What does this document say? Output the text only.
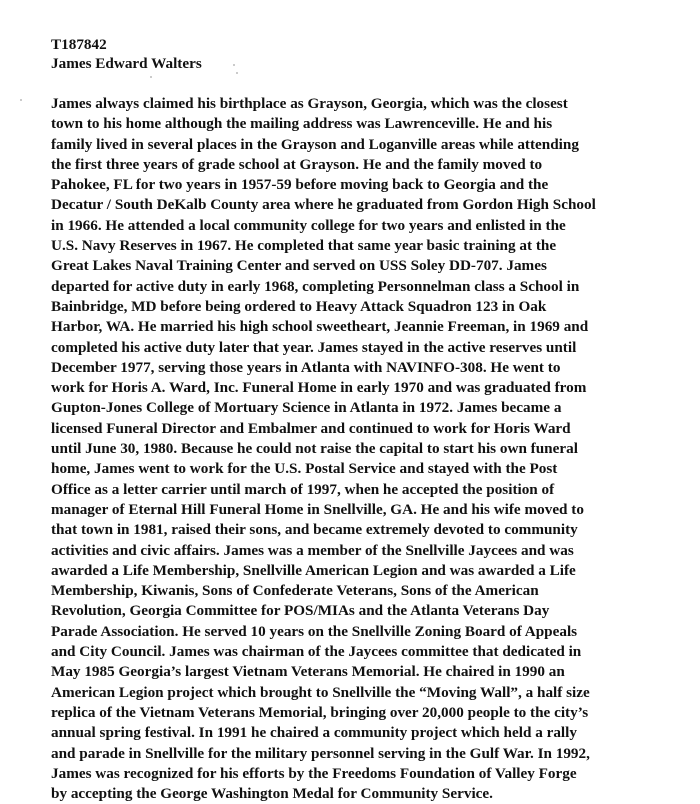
T187842
James Edward Walters
James always claimed his birthplace as Grayson, Georgia, which was the closest
town to his home although the mailing address was Lawrenceville. He and his
family lived in several places in the Grayson and Loganville areas while attending
the first three years of grade school at Grayson. He and the family moved to
Pahokee, FL for two years in 1957-59 before moving back to Georgia and the
Decatur / South DeKalb County area where he graduated from Gordon High School
in 1966. He attended a local community college for two years and enlisted in the
U.S. Navy Reserves in 1967. He completed that same year basic training at the
Great Lakes Naval Training Center and served on USS Soley DD-707. James
departed for active duty in early 1968, completing Personnelman class a School in
Bainbridge, MD before being ordered to Heavy Attack Squadron 123 in Oak
Harbor, WA. He married his high school sweetheart, Jeannie Freeman, in 1969 and
completed his active duty later that year. James stayed in the active reserves until
December 1977, serving those years in Atlanta with NAVINFO-308. He went to
work for Horis A. Ward, Inc. Funeral Home in early 1970 and was graduated from
Gupton-Jones College of Mortuary Science in Atlanta in 1972. James became a
licensed Funeral Director and Embalmer and continued to work for Horis Ward
until June 30, 1980. Because he could not raise the capital to start his own funeral
home, James went to work for the U.S. Postal Service and stayed with the Post
Office as a letter carrier until march of 1997, when he accepted the position of
manager of Eternal Hill Funeral Home in Snellville, GA. He and his wife moved to
that town in 1981, raised their sons, and became extremely devoted to community
activities and civic affairs. James was a member of the Snellville Jaycees and was
awarded a Life Membership, Snellville American Legion and was awarded a Life
Membership, Kiwanis, Sons of Confederate Veterans, Sons of the American
Revolution, Georgia Committee for POS/MIAs and the Atlanta Veterans Day
Parade Association. He served 10 years on the Snellville Zoning Board of Appeals
and City Council. James was chairman of the Jaycees committee that dedicated in
May 1985 Georgia’s largest Vietnam Veterans Memorial. He chaired in 1990 an
American Legion project which brought to Snellville the “Moving Wall”, a half size
replica of the Vietnam Veterans Memorial, bringing over 20,000 people to the city’s
annual spring festival. In 1991 he chaired a community project which held a rally
and parade in Snellville for the military personnel serving in the Gulf War. In 1992,
James was recognized for his efforts by the Freedoms Foundation of Valley Forge
by accepting the George Washington Medal for Community Service.
